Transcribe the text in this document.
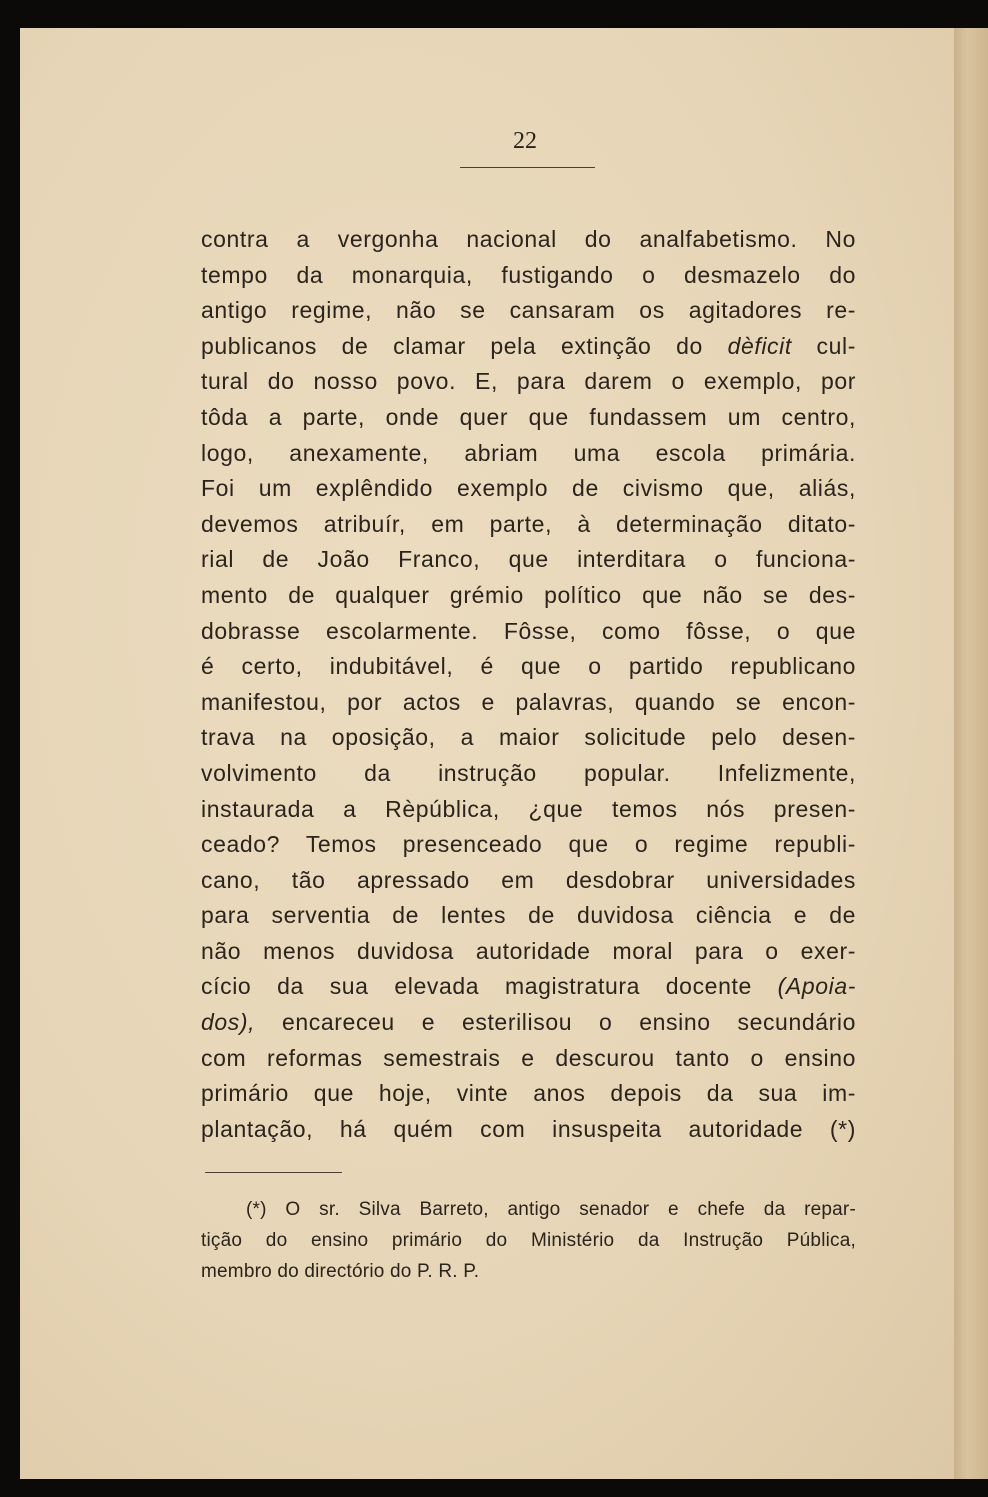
22
contra a vergonha nacional do analfabetismo. No
tempo da monarquia, fustigando o desmazelo do
antigo regime, não se cansaram os agitadores re-
publicanos de clamar pela extinção do dèficit cul-
tural do nosso povo. E, para darem o exemplo, por
tôda a parte, onde quer que fundassem um centro,
logo, anexamente, abriam uma escola primária.
Foi um explêndido exemplo de civismo que, aliás,
devemos atribuír, em parte, à determinação ditato-
rial de João Franco, que interditara o funciona-
mento de qualquer grémio político que não se des-
dobrasse escolarmente. Fôsse, como fôsse, o que
é certo, indubitável, é que o partido republicano
manifestou, por actos e palavras, quando se encon-
trava na oposição, a maior solicitude pelo desen-
volvimento da instrução popular. Infelizmente,
instaurada a Rèpública, ¿que temos nós presen-
ceado? Temos presenceado que o regime republi-
cano, tão apressado em desdobrar universidades
para serventia de lentes de duvidosa ciência e de
não menos duvidosa autoridade moral para o exer-
cício da sua elevada magistratura docente (Apoia-
dos), encareceu e esterilisou o ensino secundário
com reformas semestrais e descurou tanto o ensino
primário que hoje, vinte anos depois da sua im-
plantação, há quém com insuspeita autoridade (*)
(*) O sr. Silva Barreto, antigo senador e chefe da repar-
tição do ensino primário do Ministério da Instrução Pública,
membro do directório do P. R. P.
